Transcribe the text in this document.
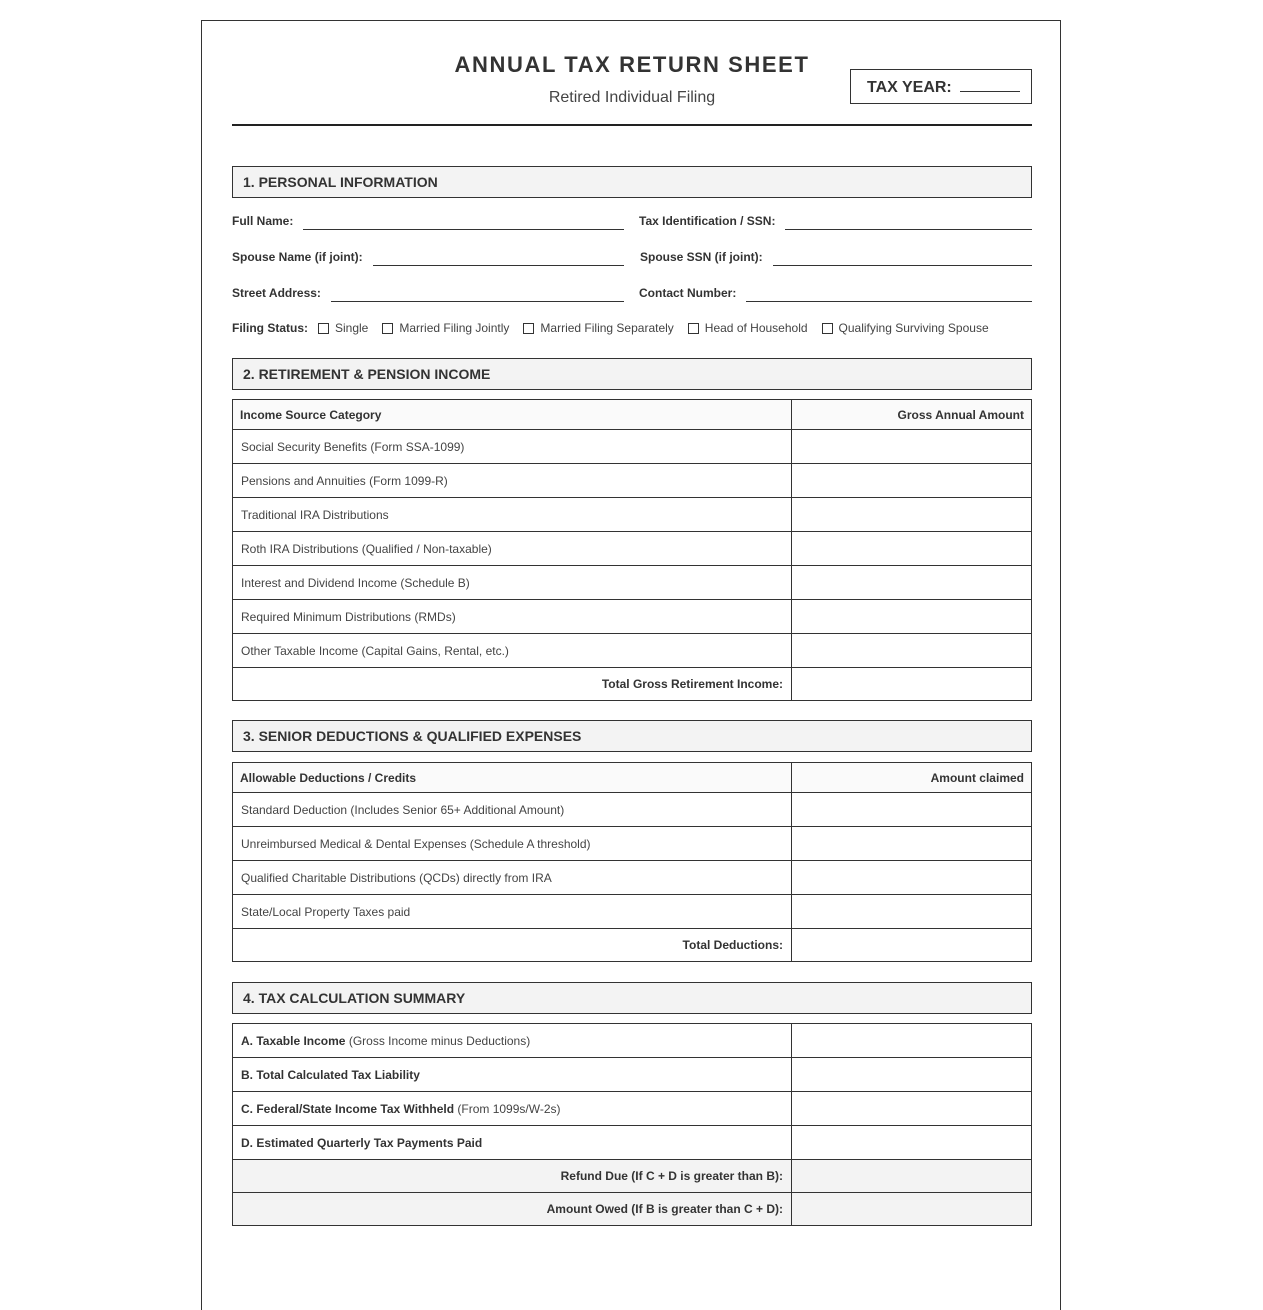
ANNUAL TAX RETURN SHEET
Retired Individual Filing
TAX YEAR:
1. PERSONAL INFORMATION
Full Name:	Tax Identification / SSN:
Spouse Name (if joint):	Spouse SSN (if joint):
Street Address:	Contact Number:
Filing Status: Single	Married Filing Jointly	Married Filing Separately	Head of Household	Qualifying Surviving Spouse
2. RETIREMENT & PENSION INCOME
Income Source Category	Gross Annual Amount
Social Security Benefits (Form SSA-1099)	
Pensions and Annuities (Form 1099-R)	
Traditional IRA Distributions	
Roth IRA Distributions (Qualified / Non-taxable)	
Interest and Dividend Income (Schedule B)	
Required Minimum Distributions (RMDs)	
Other Taxable Income (Capital Gains, Rental, etc.)	
Total Gross Retirement Income:	
3. SENIOR DEDUCTIONS & QUALIFIED EXPENSES
Allowable Deductions / Credits	Amount claimed
Standard Deduction (Includes Senior 65+ Additional Amount)	
Unreimbursed Medical & Dental Expenses (Schedule A threshold)	
Qualified Charitable Distributions (QCDs) directly from IRA	
State/Local Property Taxes paid	
Total Deductions:	
4. TAX CALCULATION SUMMARY
A. Taxable Income (Gross Income minus Deductions)	
B. Total Calculated Tax Liability	
C. Federal/State Income Tax Withheld (From 1099s/W-2s)	
D. Estimated Quarterly Tax Payments Paid	
Refund Due (If C + D is greater than B):	
Amount Owed (If B is greater than C + D):	
